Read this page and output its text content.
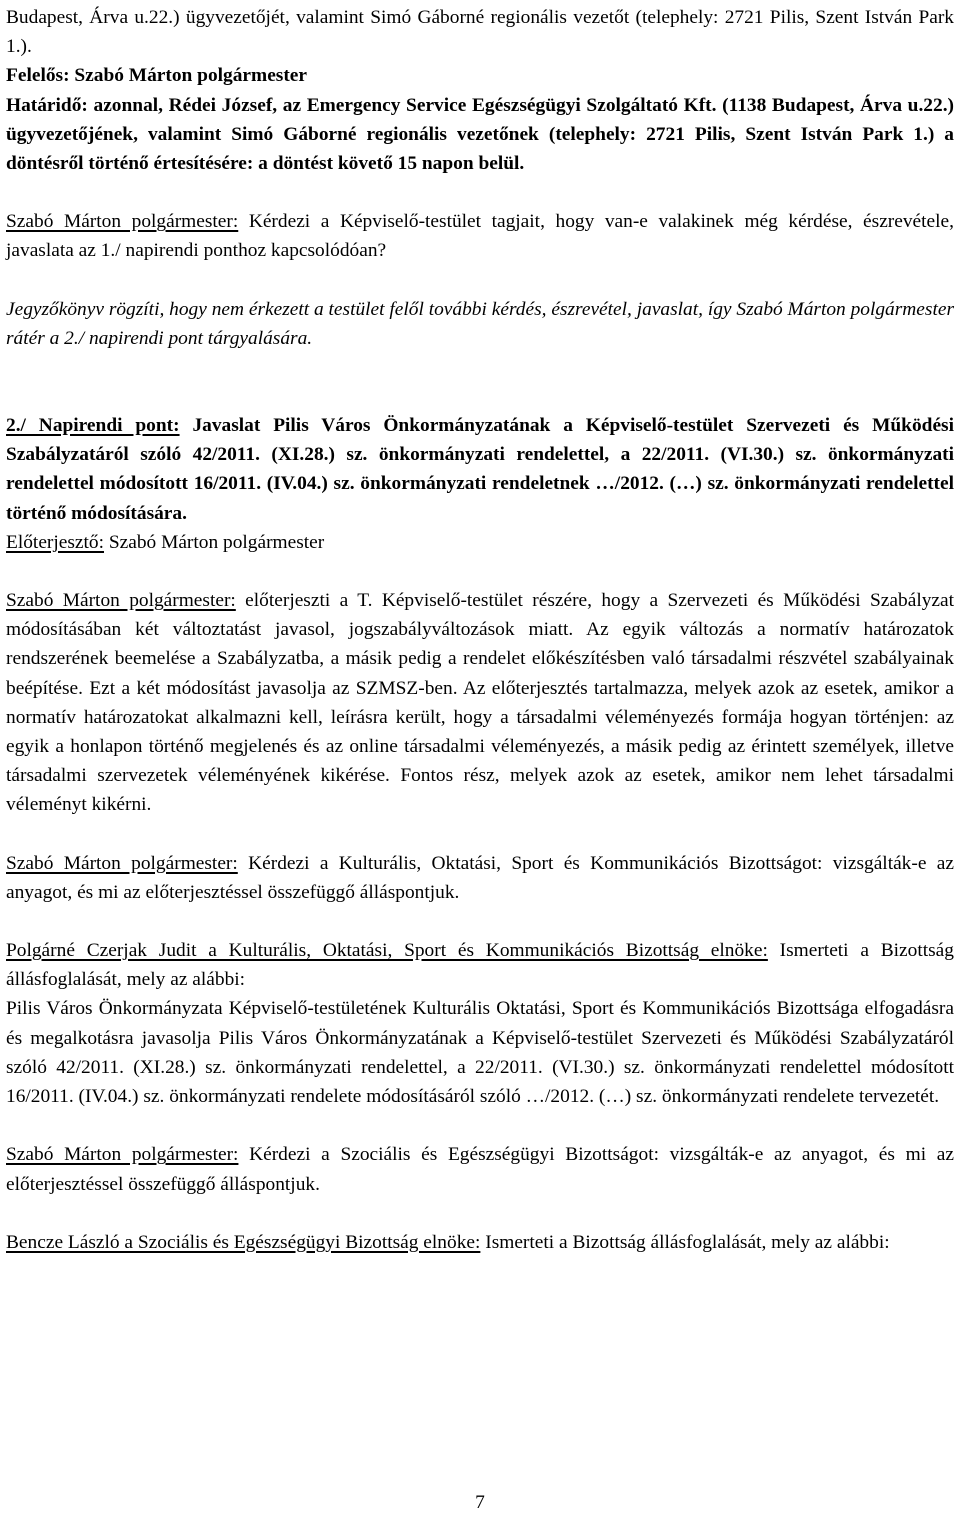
Budapest, Árva u.22.) ügyvezetőjét, valamint Simó Gáborné regionális vezetőt (telephely: 2721 Pilis, Szent István Park 1.).

Felelős: Szabó Márton polgármester

Határidő: azonnal, Rédei József, az Emergency Service Egészségügyi Szolgáltató Kft. (1138 Budapest, Árva u.22.) ügyvezetőjének, valamint Simó Gáborné regionális vezetőnek (telephely: 2721 Pilis, Szent István Park 1.) a döntésről történő értesítésére: a döntést követő 15 napon belül.

Szabó Márton polgármester: Kérdezi a Képviselő-testület tagjait, hogy van-e valakinek még kérdése, észrevétele, javaslata az 1./ napirendi ponthoz kapcsolódóan?

Jegyzőkönyv rögzíti, hogy nem érkezett a testület felől további kérdés, észrevétel, javaslat, így Szabó Márton polgármester rátér a 2./ napirendi pont tárgyalására.

2./ Napirendi pont: Javaslat Pilis Város Önkormányzatának a Képviselő-testület Szervezeti és Működési Szabályzatáról szóló 42/2011. (XI.28.) sz. önkormányzati rendelettel, a 22/2011. (VI.30.) sz. önkormányzati rendelettel módosított 16/2011. (IV.04.) sz. önkormányzati rendeletnek …/2012. (…) sz. önkormányzati rendelettel történő módosítására.

Előterjesztő: Szabó Márton polgármester

Szabó Márton polgármester: előterjeszti a T. Képviselő-testület részére, hogy a Szervezeti és Működési Szabályzat módosításában két változtatást javasol, jogszabályváltozások miatt. Az egyik változás a normatív határozatok rendszerének beemelése a Szabályzatba, a másik pedig a rendelet előkészítésben való társadalmi részvétel szabályainak beépítése. Ezt a két módosítást javasolja az SZMSZ-ben. Az előterjesztés tartalmazza, melyek azok az esetek, amikor a normatív határozatokat alkalmazni kell, leírásra került, hogy a társadalmi véleményezés formája hogyan történjen: az egyik a honlapon történő megjelenés és az online társadalmi véleményezés, a másik pedig az érintett személyek, illetve társadalmi szervezetek véleményének kikérése. Fontos rész, melyek azok az esetek, amikor nem lehet társadalmi véleményt kikérni.

Szabó Márton polgármester: Kérdezi a Kulturális, Oktatási, Sport és Kommunikációs Bizottságot: vizsgálták-e az anyagot, és mi az előterjesztéssel összefüggő álláspontjuk.

Polgárné Czerjak Judit a Kulturális, Oktatási, Sport és Kommunikációs Bizottság elnöke: Ismerteti a Bizottság állásfoglalását, mely az alábbi:

Pilis Város Önkormányzata Képviselő-testületének Kulturális Oktatási, Sport és Kommunikációs Bizottsága elfogadásra és megalkotásra javasolja Pilis Város Önkormányzatának a Képviselő-testület Szervezeti és Működési Szabályzatáról szóló 42/2011. (XI.28.) sz. önkormányzati rendelettel, a 22/2011. (VI.30.) sz. önkormányzati rendelettel módosított 16/2011. (IV.04.) sz. önkormányzati rendelete módosításáról szóló …/2012. (…) sz. önkormányzati rendelete tervezetét.

Szabó Márton polgármester: Kérdezi a Szociális és Egészségügyi Bizottságot: vizsgálták-e az anyagot, és mi az előterjesztéssel összefüggő álláspontjuk.

Bencze László a Szociális és Egészségügyi Bizottság elnöke: Ismerteti a Bizottság állásfoglalását, mely az alábbi:

7
